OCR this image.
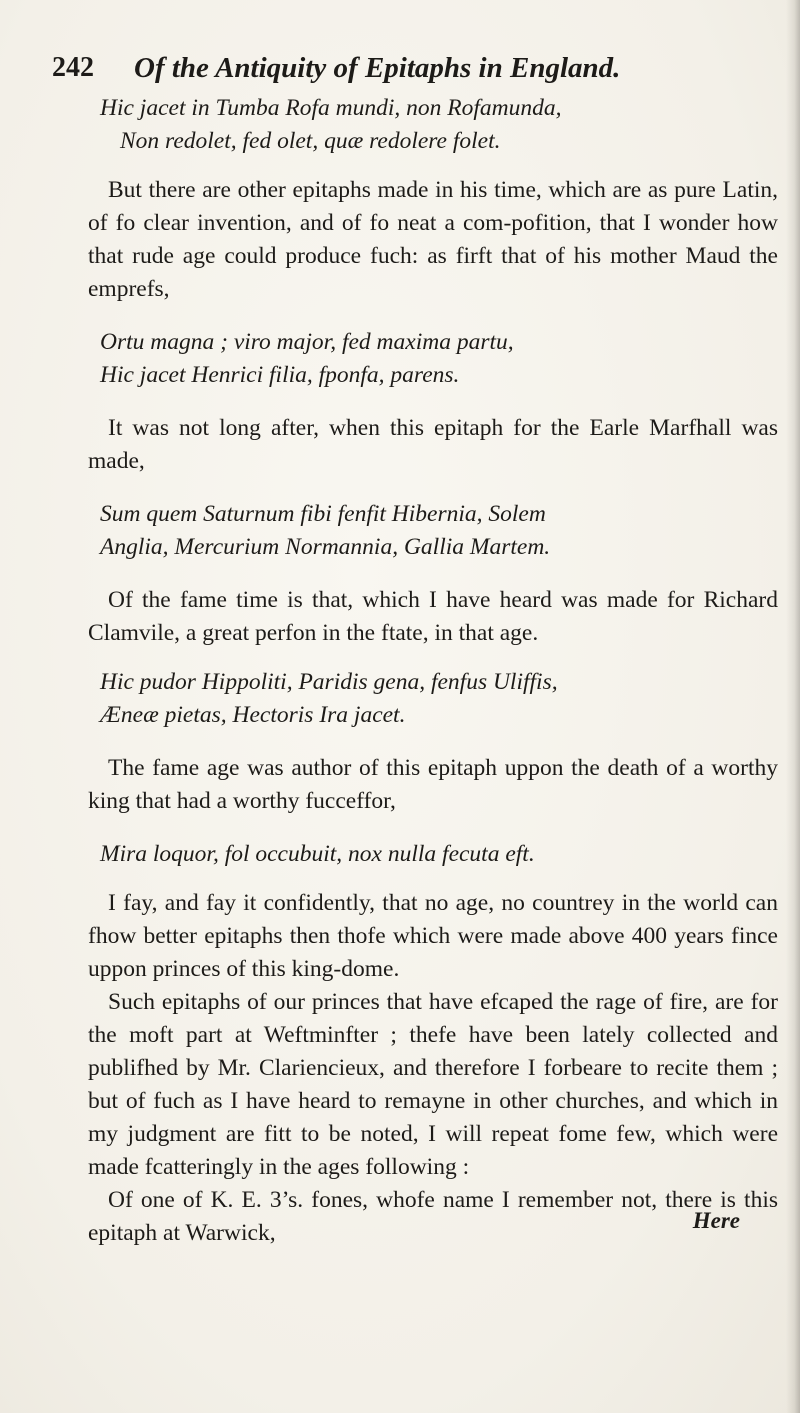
242 Of the Antiquity of Epitaphs in England.

Hic jacet in Tumba Rofa mundi, non Rofamunda,

Non redolet, fed olet, quæ redolere folet.

But there are other epitaphs made in his time, which are as pure Latin, of fo clear invention, and of fo neat a com-pofition, that I wonder how that rude age could produce fuch: as firft that of his mother Maud the emprefs,

Ortu magna ; viro major, fed maxima partu,

Hic jacet Henrici filia, fponfa, parens.

It was not long after, when this epitaph for the Earle Marfhall was made,

Sum quem Saturnum fibi fenfit Hibernia, Solem

Anglia, Mercurium Normannia, Gallia Martem.

Of the fame time is that, which I have heard was made for Richard Clamvile, a great perfon in the ftate, in that age.

Hic pudor Hippoliti, Paridis gena, fenfus Uliffis,

Æneæ pietas, Hectoris Ira jacet.

The fame age was author of this epitaph uppon the death of a worthy king that had a worthy fucceffor,

Mira loquor, fol occubuit, nox nulla fecuta eft.

I fay, and fay it confidently, that no age, no countrey in the world can fhow better epitaphs then thofe which were made above 400 years fince uppon princes of this king-dome.

Such epitaphs of our princes that have efcaped the rage of fire, are for the moft part at Weftminfter ; thefe have been lately collected and publifhed by Mr. Clarienciеux, and therefore I forbeare to recite them ; but of fuch as I have heard to remayne in other churches, and which in my judgment are fitt to be noted, I will repeat fome few, which were made fcatteringly in the ages following :

Of one of K. E. 3’s. fones, whofe name I remember not, there is this epitaph at Warwick,	Here
